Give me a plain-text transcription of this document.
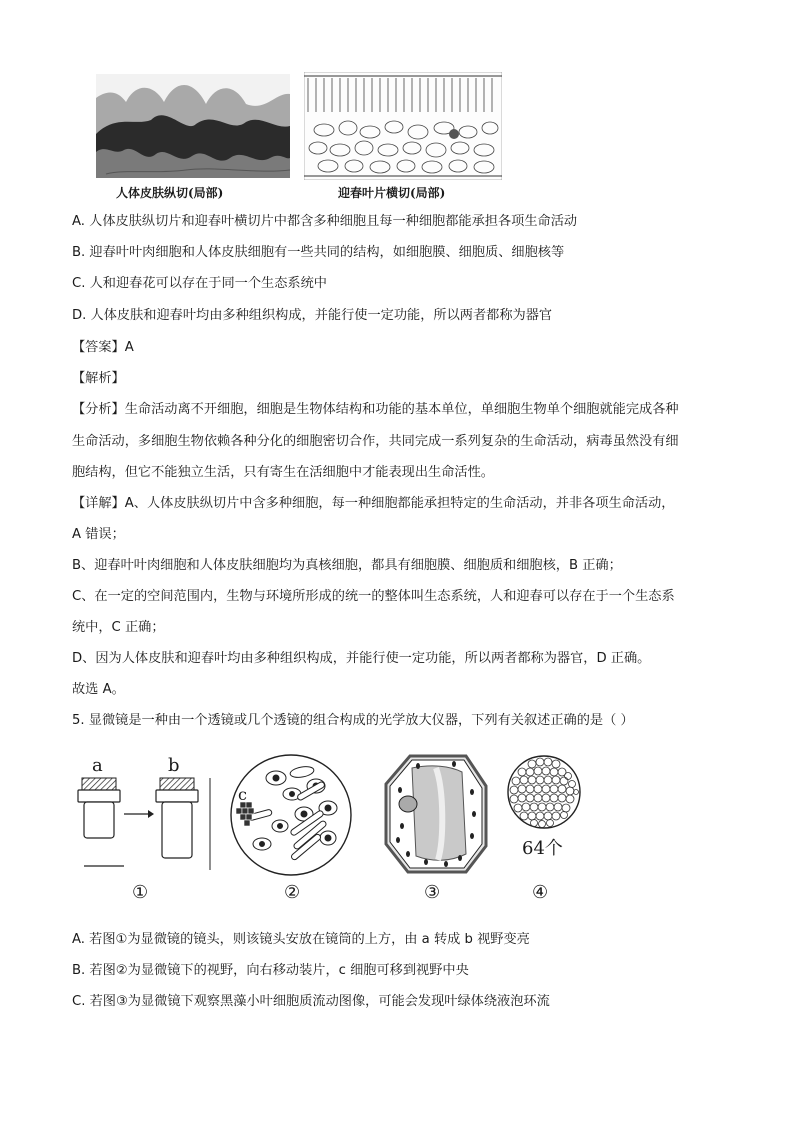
人体皮肤纵切(局部)	迎春叶片横切(局部)
A. 人体皮肤纵切片和迎春叶横切片中都含多种细胞且每一种细胞都能承担各项生命活动
B. 迎春叶叶肉细胞和人体皮肤细胞有一些共同的结构，如细胞膜、细胞质、细胞核等
C. 人和迎春花可以存在于同一个生态系统中
D. 人体皮肤和迎春叶均由多种组织构成，并能行使一定功能，所以两者都称为器官
【答案】A
【解析】
【分析】生命活动离不开细胞，细胞是生物体结构和功能的基本单位，单细胞生物单个细胞就能完成各种
生命活动，多细胞生物依赖各种分化的细胞密切合作，共同完成一系列复杂的生命活动，病毒虽然没有细
胞结构，但它不能独立生活，只有寄生在活细胞中才能表现出生命活性。
【详解】A、人体皮肤纵切片中含多种细胞，每一种细胞都能承担特定的生命活动，并非各项生命活动，
A 错误；
B、迎春叶叶肉细胞和人体皮肤细胞均为真核细胞，都具有细胞膜、细胞质和细胞核，B 正确；
C、在一定的空间范围内，生物与环境所形成的统一的整体叫生态系统，人和迎春可以存在于一个生态系
统中，C 正确；
D、因为人体皮肤和迎春叶均由多种组织构成，并能行使一定功能，所以两者都称为器官，D 正确。
故选 A。
5. 显微镜是一种由一个透镜或几个透镜的组合构成的光学放大仪器，下列有关叙述正确的是（ ）
a	b
①
c
②	③
64个
④
A. 若图①为显微镜的镜头，则该镜头安放在镜筒的上方，由 a 转成 b 视野变亮
B. 若图②为显微镜下的视野，向右移动装片，c 细胞可移到视野中央
C. 若图③为显微镜下观察黑藻小叶细胞质流动图像，可能会发现叶绿体绕液泡环流
